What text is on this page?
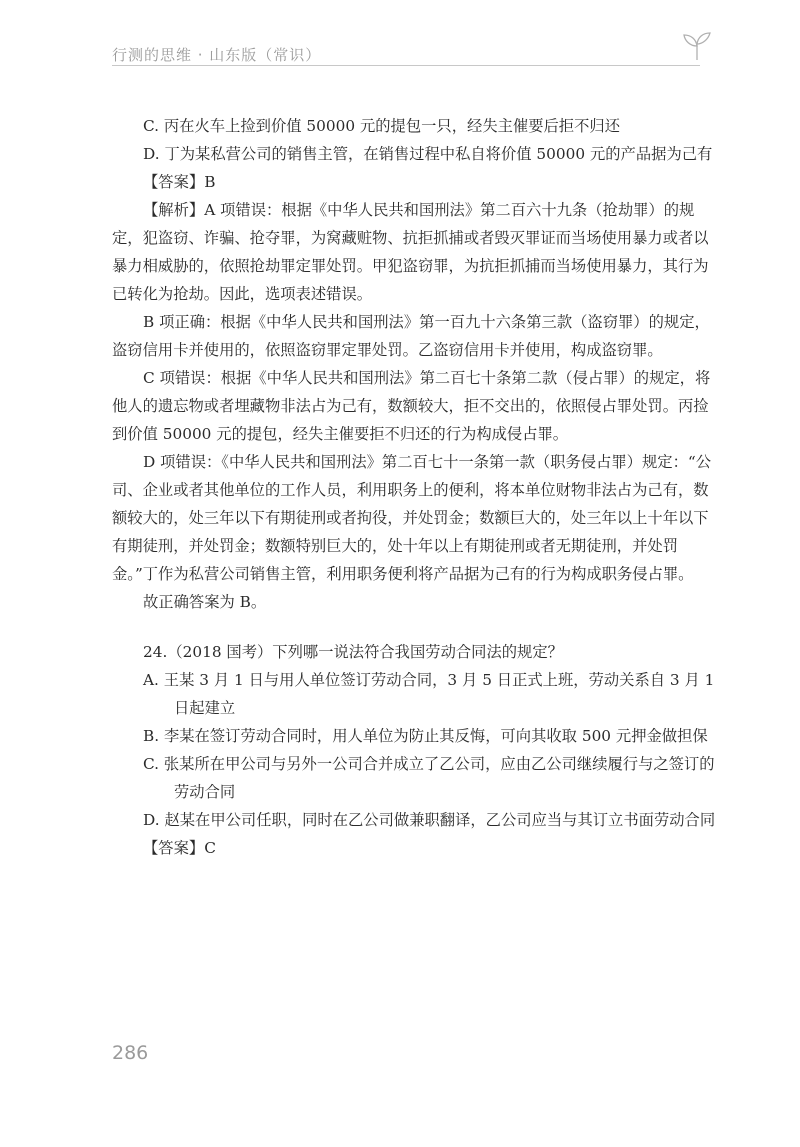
行测的思维 · 山东版（常识）

C. 丙在火车上捡到价值 50000 元的提包一只，经失主催要后拒不归还

D. 丁为某私营公司的销售主管，在销售过程中私自将价值 50000 元的产品据为己有

【答案】B

【解析】A 项错误：根据《中华人民共和国刑法》第二百六十九条（抢劫罪）的规定，犯盗窃、诈骗、抢夺罪，为窝藏赃物、抗拒抓捕或者毁灭罪证而当场使用暴力或者以暴力相威胁的，依照抢劫罪定罪处罚。甲犯盗窃罪，为抗拒抓捕而当场使用暴力，其行为已转化为抢劫。因此，选项表述错误。

B 项正确：根据《中华人民共和国刑法》第一百九十六条第三款（盗窃罪）的规定，盗窃信用卡并使用的，依照盗窃罪定罪处罚。乙盗窃信用卡并使用，构成盗窃罪。

C 项错误：根据《中华人民共和国刑法》第二百七十条第二款（侵占罪）的规定，将他人的遗忘物或者埋藏物非法占为己有，数额较大，拒不交出的，依照侵占罪处罚。丙捡到价值 50000 元的提包，经失主催要拒不归还的行为构成侵占罪。

D 项错误：《中华人民共和国刑法》第二百七十一条第一款（职务侵占罪）规定：“公司、企业或者其他单位的工作人员，利用职务上的便利，将本单位财物非法占为己有，数额较大的，处三年以下有期徒刑或者拘役，并处罚金；数额巨大的，处三年以上十年以下有期徒刑，并处罚金；数额特别巨大的，处十年以上有期徒刑或者无期徒刑，并处罚金。”丁作为私营公司销售主管，利用职务便利将产品据为己有的行为构成职务侵占罪。

故正确答案为 B。

24.（2018 国考）下列哪一说法符合我国劳动合同法的规定？

A. 王某 3 月 1 日与用人单位签订劳动合同，3 月 5 日正式上班，劳动关系自 3 月 1 日起建立

B. 李某在签订劳动合同时，用人单位为防止其反悔，可向其收取 500 元押金做担保

C. 张某所在甲公司与另外一公司合并成立了乙公司，应由乙公司继续履行与之签订的劳动合同

D. 赵某在甲公司任职，同时在乙公司做兼职翻译，乙公司应当与其订立书面劳动合同

【答案】C

286
